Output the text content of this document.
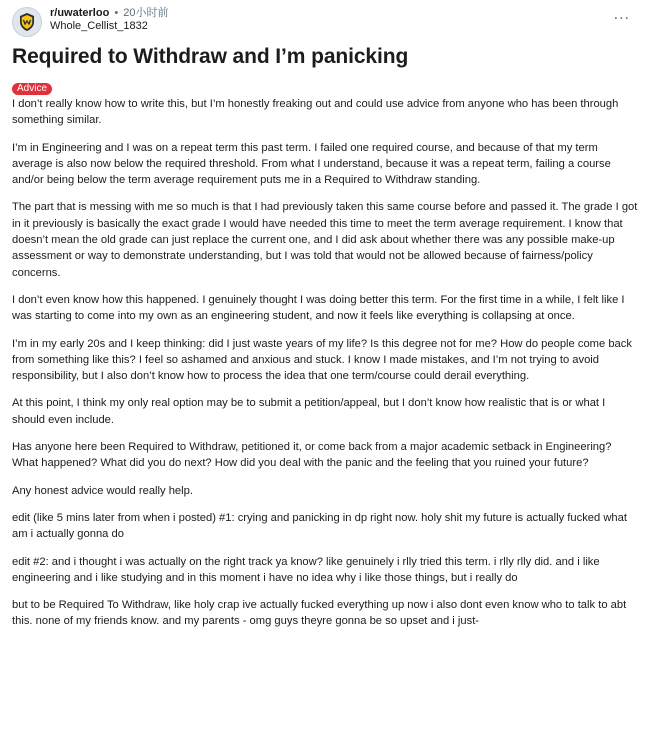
r/uwaterloo • 20小时前
Whole_Cellist_1832
...
Required to Withdraw and I’m panicking
Advice

I don’t really know how to write this, but I’m honestly freaking out and could use advice from anyone who has been through something similar.

I’m in Engineering and I was on a repeat term this past term. I failed one required course, and because of that my term average is also now below the required threshold. From what I understand, because it was a repeat term, failing a course and/or being below the term average requirement puts me in a Required to Withdraw standing.

The part that is messing with me so much is that I had previously taken this same course before and passed it. The grade I got in it previously is basically the exact grade I would have needed this time to meet the term average requirement. I know that doesn’t mean the old grade can just replace the current one, and I did ask about whether there was any possible make-up assessment or way to demonstrate understanding, but I was told that would not be allowed because of fairness/policy concerns.

I don’t even know how this happened. I genuinely thought I was doing better this term. For the first time in a while, I felt like I was starting to come into my own as an engineering student, and now it feels like everything is collapsing at once.

I’m in my early 20s and I keep thinking: did I just waste years of my life? Is this degree not for me? How do people come back from something like this? I feel so ashamed and anxious and stuck. I know I made mistakes, and I’m not trying to avoid responsibility, but I also don’t know how to process the idea that one term/course could derail everything.

At this point, I think my only real option may be to submit a petition/appeal, but I don’t know how realistic that is or what I should even include.

Has anyone here been Required to Withdraw, petitioned it, or come back from a major academic setback in Engineering? What happened? What did you do next? How did you deal with the panic and the feeling that you ruined your future?

Any honest advice would really help.

edit (like 5 mins later from when i posted) #1: crying and panicking in dp right now. holy shit my future is actually fucked what am i actually gonna do

edit #2: and i thought i was actually on the right track ya know? like genuinely i rlly tried this term. i rlly rlly did. and i like engineering and i like studying and in this moment i have no idea why i like those things, but i really do

but to be Required To Withdraw, like holy crap ive actually fucked everything up now i also dont even know who to talk to abt this. none of my friends know. and my parents - omg guys theyre gonna be so upset and i just-
